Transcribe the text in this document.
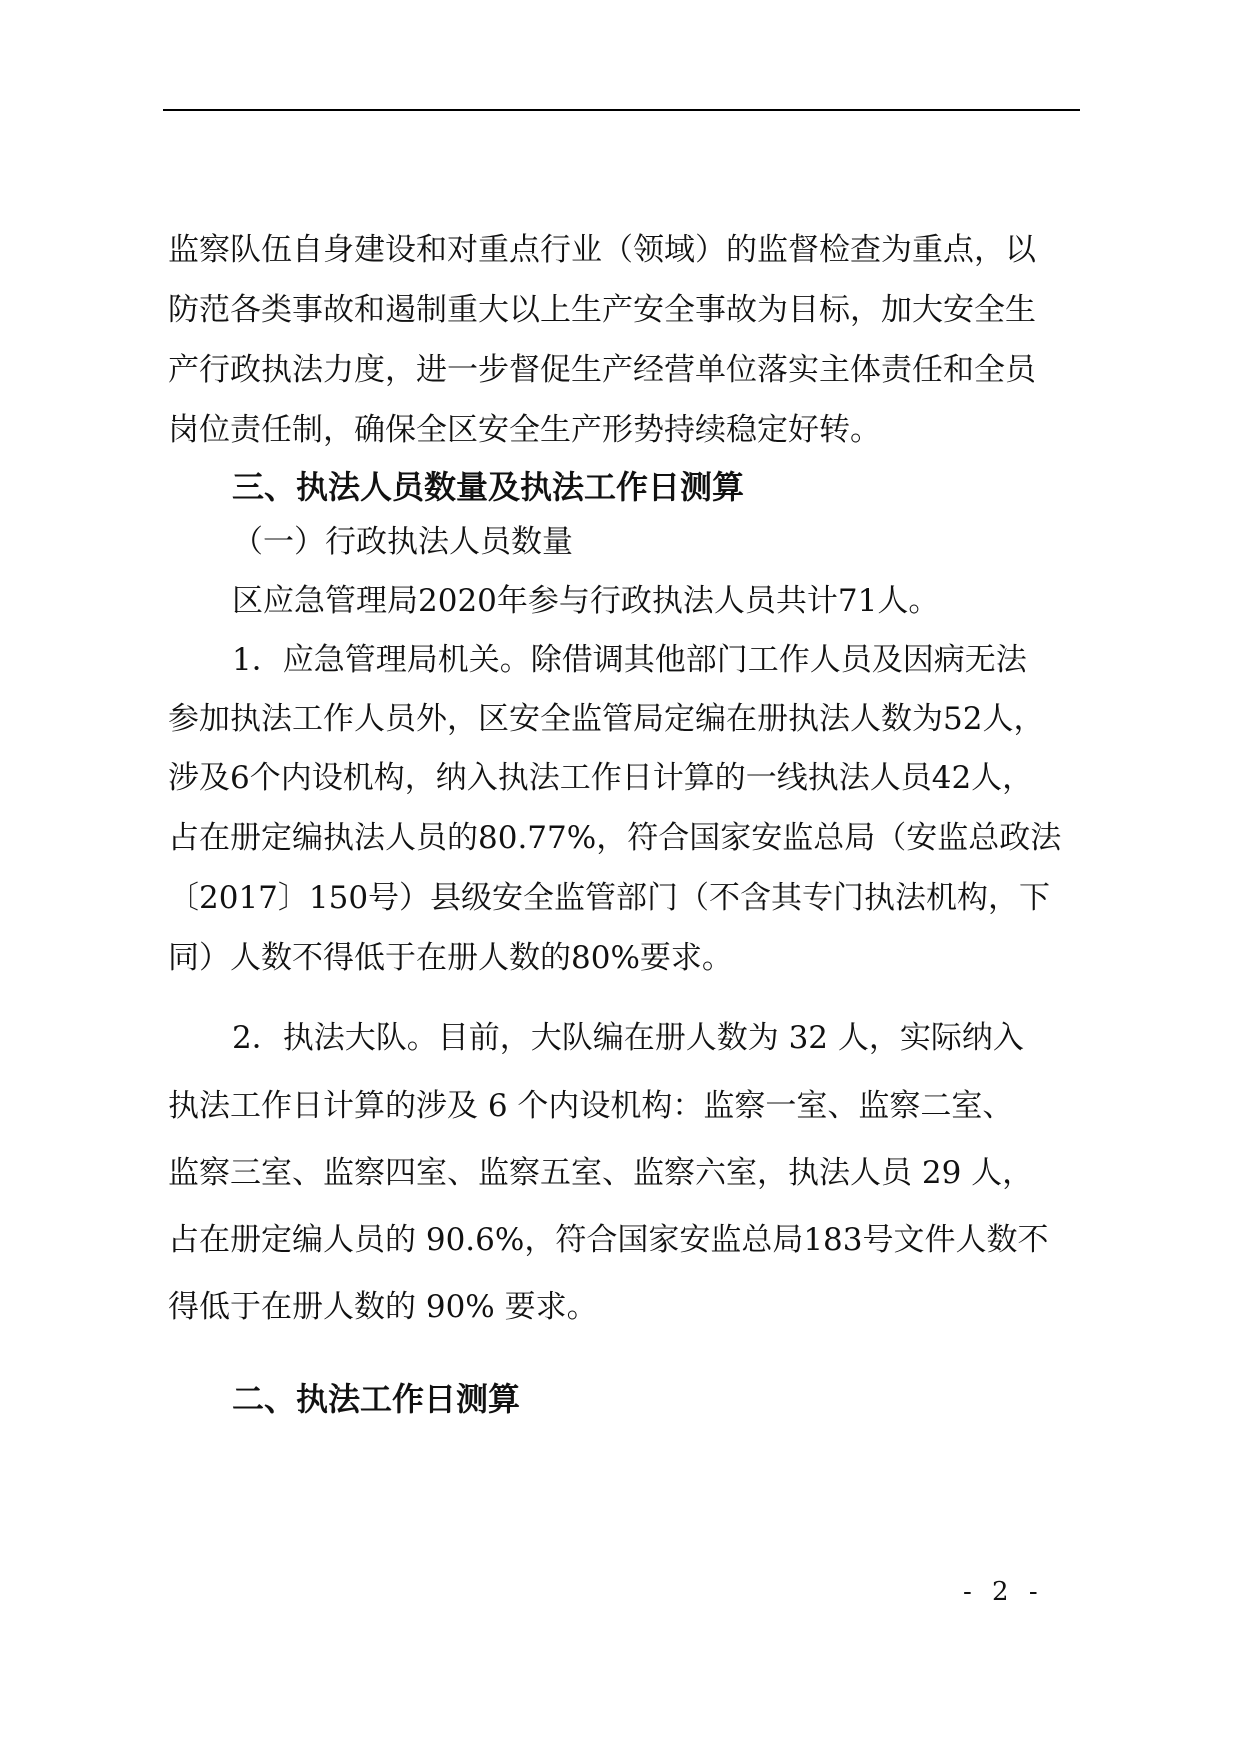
监察队伍自身建设和对重点行业（领域）的监督检查为重点，以

防范各类事故和遏制重大以上生产安全事故为目标，加大安全生

产行政执法力度，进一步督促生产经营单位落实主体责任和全员

岗位责任制，确保全区安全生产形势持续稳定好转。

三、执法人员数量及执法工作日测算

（一）行政执法人员数量

区应急管理局2020年参与行政执法人员共计71人。

1．应急管理局机关。除借调其他部门工作人员及因病无法

参加执法工作人员外，区安全监管局定编在册执法人数为52人，

涉及6个内设机构，纳入执法工作日计算的一线执法人员42人，

占在册定编执法人员的80.77%，符合国家安监总局（安监总政法

〔2017〕150号）县级安全监管部门（不含其专门执法机构，下

同）人数不得低于在册人数的80%要求。

2．执法大队。目前，大队编在册人数为 32 人，实际纳入

执法工作日计算的涉及 6 个内设机构：监察一室、监察二室、

监察三室、监察四室、监察五室、监察六室，执法人员 29 人，

占在册定编人员的 90.6%，符合国家安监总局183号文件人数不

得低于在册人数的 90% 要求。

二、执法工作日测算

- 2 -
